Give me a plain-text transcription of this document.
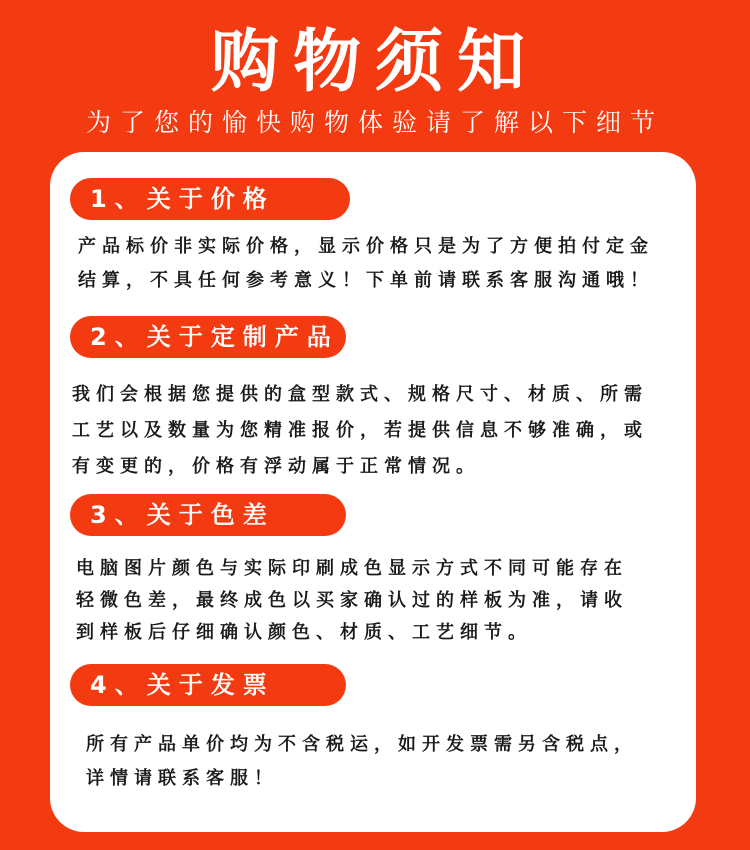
购物须知
为了您的愉快购物体验请了解以下细节
1、关于价格
产品标价非实际价格，显示价格只是为了方便拍付定金
结算，不具任何参考意义！下单前请联系客服沟通哦！
2、关于定制产品
我们会根据您提供的盒型款式、规格尺寸、材质、所需
工艺以及数量为您精准报价，若提供信息不够准确，或
有变更的，价格有浮动属于正常情况。
3、关于色差
电脑图片颜色与实际印刷成色显示方式不同可能存在
轻微色差，最终成色以买家确认过的样板为准，请收
到样板后仔细确认颜色、材质、工艺细节。
4、关于发票
所有产品单价均为不含税运，如开发票需另含税点，
详情请联系客服！
